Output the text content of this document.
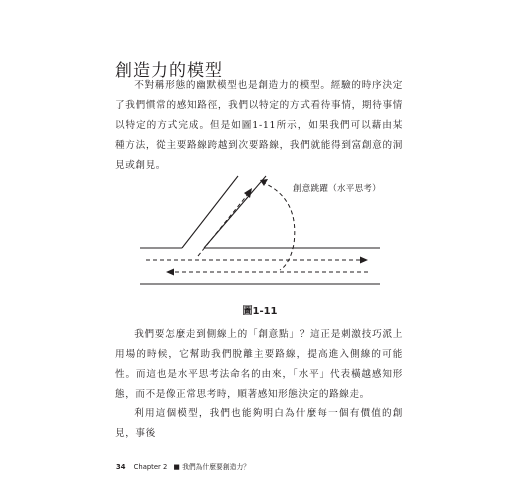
創造力的模型

不對稱形態的幽默模型也是創造力的模型。經驗的時序決定了我們慣常的感知路徑，我們以特定的方式看待事情，期待事情以特定的方式完成。但是如圖1-11所示，如果我們可以藉由某種方法，從主要路線跨越到次要路線，我們就能得到富創意的洞見或創見。

創意跳躍（水平思考）
圖1-11

我們要怎麼走到側線上的「創意點」？這正是刺激技巧派上用場的時候，它幫助我們脫離主要路線，提高進入側線的可能性。而這也是水平思考法命名的由來，「水平」代表橫越感知形態，而不是像正常思考時，順著感知形態決定的路線走。

利用這個模型，我們也能夠明白為什麼每一個有價值的創見，事後

34 Chapter 2 ■ 我們為什麼要創造力？
